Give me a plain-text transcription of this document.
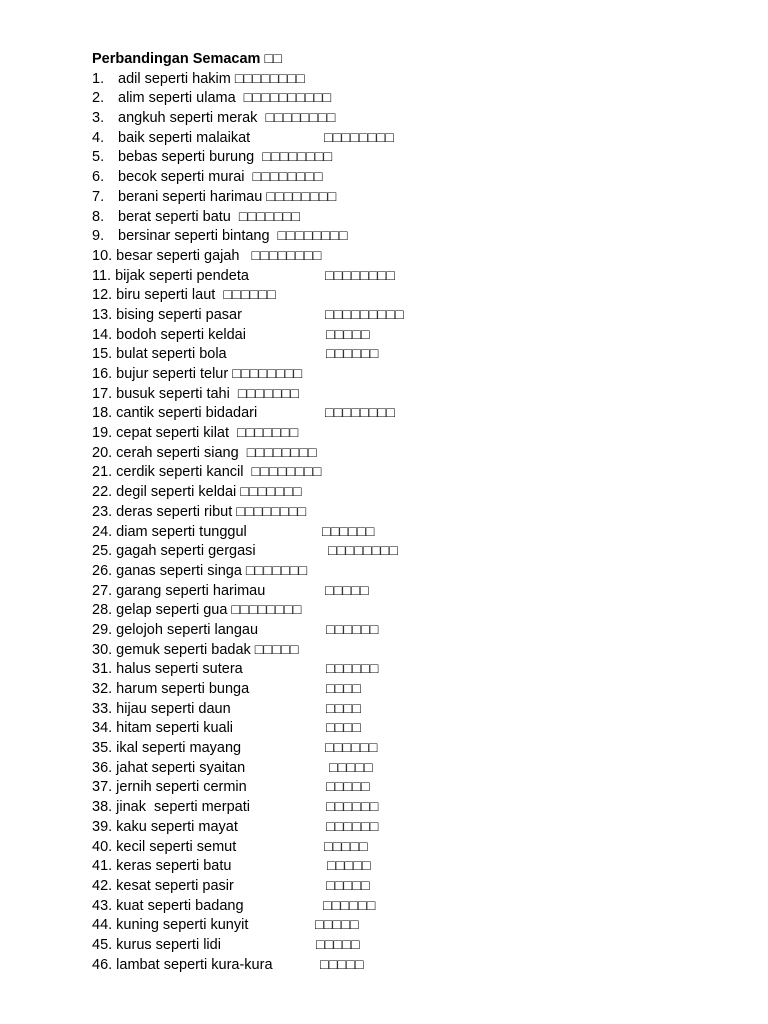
Perbandingan Semacam □□
1. adil seperti hakim □□□□□□□□
2. alim seperti ulama □□□□□□□□□□
3. angkuh seperti merak □□□□□□□□
4. baik seperti malaikat	□□□□□□□□
5. bebas seperti burung □□□□□□□□
6. becok seperti murai □□□□□□□□
7. berani seperti harimau □□□□□□□□
8. berat seperti batu □□□□□□□
9. bersinar seperti bintang □□□□□□□□
10. besar seperti gajah □□□□□□□□
11. bijak seperti pendeta	□□□□□□□□
12. biru seperti laut □□□□□□
13. bising seperti pasar	□□□□□□□□□
14. bodoh seperti keldai	□□□□□
15. bulat seperti bola	□□□□□□
16. bujur seperti telur □□□□□□□□
17. busuk seperti tahi □□□□□□□
18. cantik seperti bidadari	□□□□□□□□
19. cepat seperti kilat □□□□□□□
20. cerah seperti siang □□□□□□□□
21. cerdik seperti kancil □□□□□□□□
22. degil seperti keldai □□□□□□□
23. deras seperti ribut □□□□□□□□
24. diam seperti tunggul	□□□□□□
25. gagah seperti gergasi	□□□□□□□□
26. ganas seperti singa □□□□□□□
27. garang seperti harimau	□□□□□
28. gelap seperti gua □□□□□□□□
29. gelojoh seperti langau	□□□□□□
30. gemuk seperti badak □□□□□
31. halus seperti sutera	□□□□□□
32. harum seperti bunga	□□□□
33. hijau seperti daun	□□□□
34. hitam seperti kuali	□□□□
35. ikal seperti mayang	□□□□□□
36. jahat seperti syaitan	□□□□□
37. jernih seperti cermin	□□□□□
38. jinak  seperti merpati	□□□□□□
39. kaku seperti mayat	□□□□□□
40. kecil seperti semut	□□□□□
41. keras seperti batu	□□□□□
42. kesat seperti pasir	□□□□□
43. kuat seperti badang	□□□□□□
44. kuning seperti kunyit	□□□□□
45. kurus seperti lidi	□□□□□
46. lambat seperti kura-kura	□□□□□
